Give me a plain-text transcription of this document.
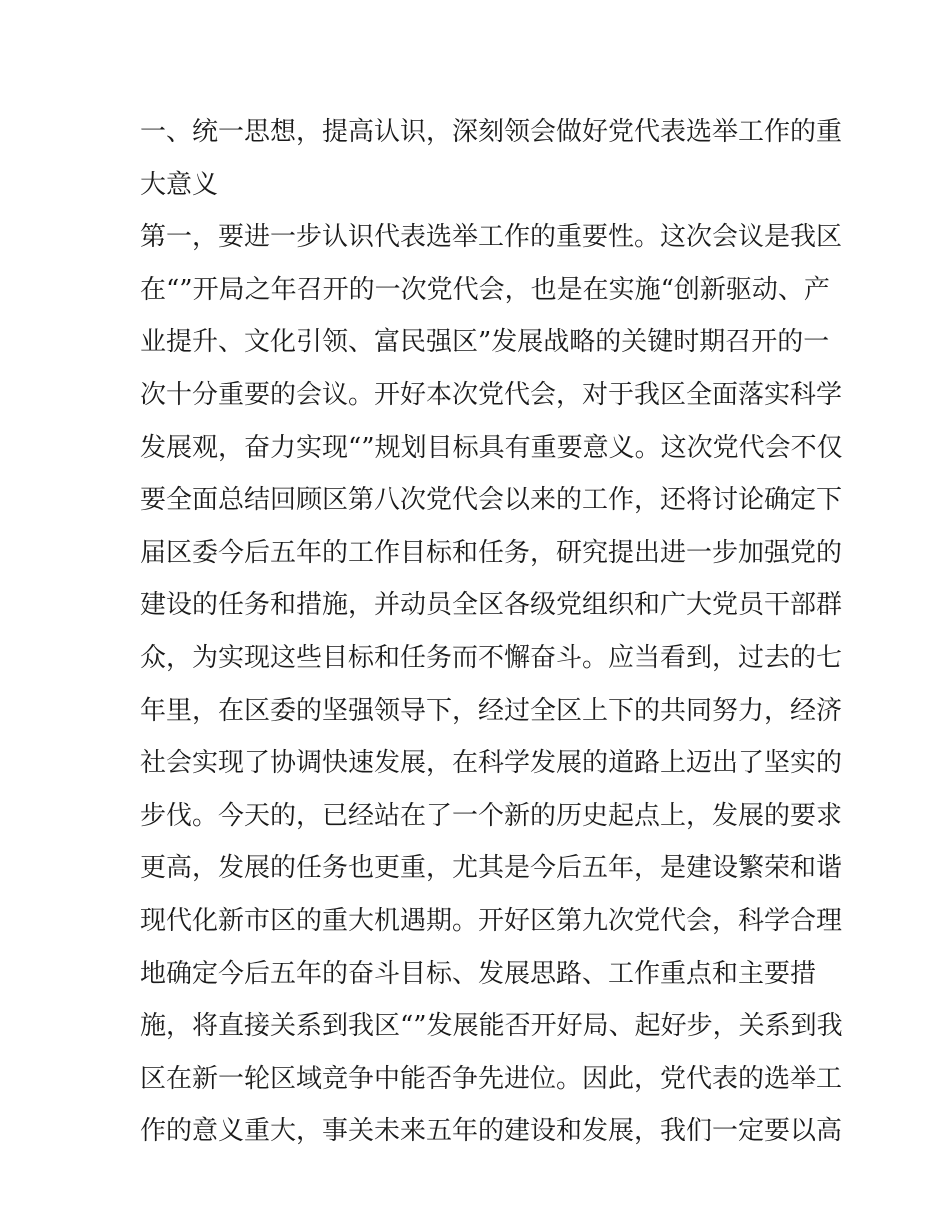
一、统一思想，提高认识，深刻领会做好党代表选举工作的重
大意义
第一，要进一步认识代表选举工作的重要性。这次会议是我区
在“”开局之年召开的一次党代会，也是在实施“创新驱动、产
业提升、文化引领、富民强区”发展战略的关键时期召开的一
次十分重要的会议。开好本次党代会，对于我区全面落实科学
发展观，奋力实现“”规划目标具有重要意义。这次党代会不仅
要全面总结回顾区第八次党代会以来的工作，还将讨论确定下
届区委今后五年的工作目标和任务，研究提出进一步加强党的
建设的任务和措施，并动员全区各级党组织和广大党员干部群
众，为实现这些目标和任务而不懈奋斗。应当看到，过去的七
年里，在区委的坚强领导下，经过全区上下的共同努力，经济
社会实现了协调快速发展，在科学发展的道路上迈出了坚实的
步伐。今天的，已经站在了一个新的历史起点上，发展的要求
更高，发展的任务也更重，尤其是今后五年，是建设繁荣和谐
现代化新市区的重大机遇期。开好区第九次党代会，科学合理
地确定今后五年的奋斗目标、发展思路、工作重点和主要措
施，将直接关系到我区“”发展能否开好局、起好步，关系到我
区在新一轮区域竞争中能否争先进位。因此，党代表的选举工
作的意义重大，事关未来五年的建设和发展，我们一定要以高
